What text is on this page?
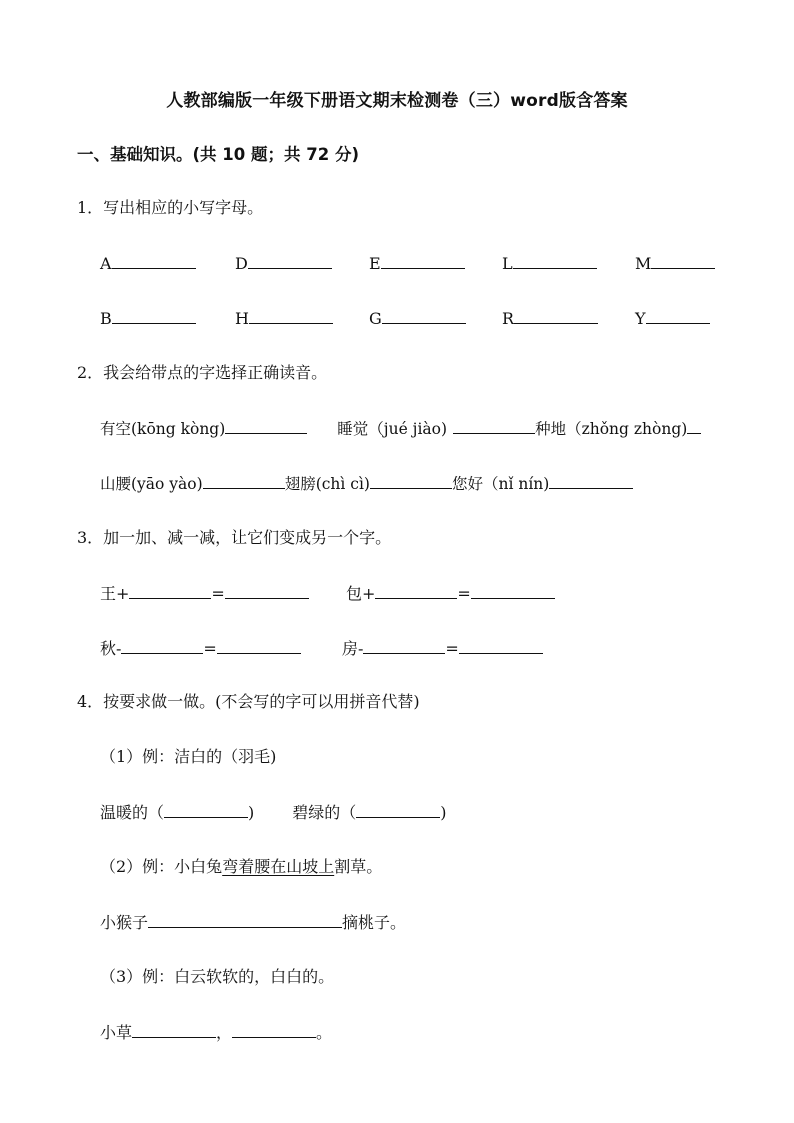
人教部编版一年级下册语文期末检测卷（三）word版含答案
一、基础知识。(共 10 题；共 72 分)
1．写出相应的小写字母。
A	D	E	L	M
B	H	G	R	Y
2．我会给带点的字选择正确读音。
有空(kōng kòng)	睡觉（jué jiào)	种地（zhǒng zhòng)
山腰(yāo yào)	翅膀(chì cì)	您好（nǐ nín)
3．加一加、减一减，让它们变成另一个字。
王+	=	包+	=
秋-	=	房-	=
4．按要求做一做。(不会写的字可以用拼音代替)
（1）例：洁白的（羽毛)
温暖的（	) 碧绿的（	)
（2）例：小白兔弯着腰在山坡上割草。
小猴子	摘桃子。
（3）例：白云软软的，白白的。
小草	，	。
